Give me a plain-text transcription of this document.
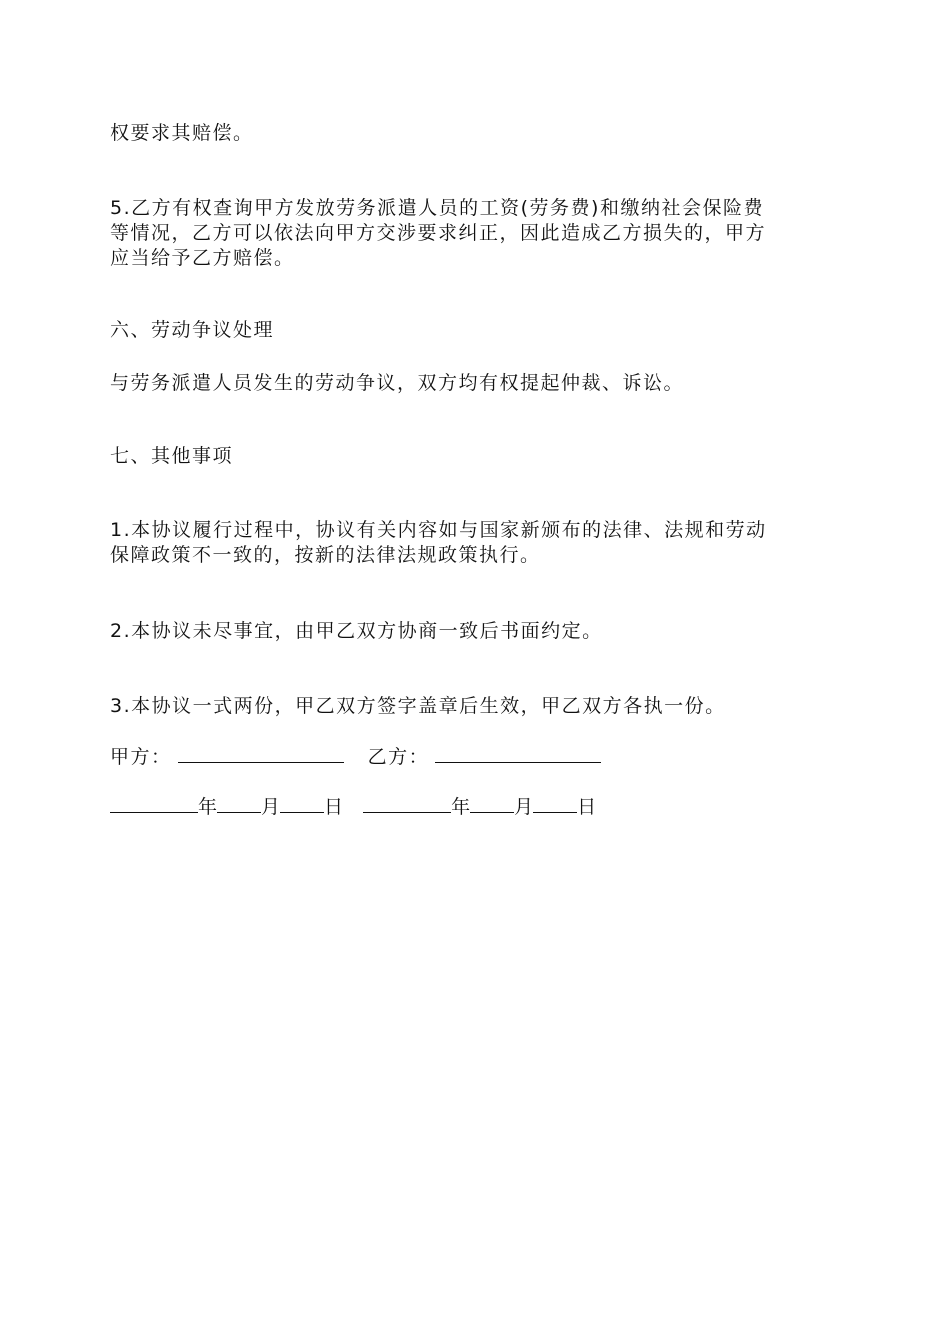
权要求其赔偿。
5.乙方有权查询甲方发放劳务派遣人员的工资(劳务费)和缴纳社会保险费
等情况，乙方可以依法向甲方交涉要求纠正，因此造成乙方损失的，甲方
应当给予乙方赔偿。
六、劳动争议处理
与劳务派遣人员发生的劳动争议，双方均有权提起仲裁、诉讼。
七、其他事项
1.本协议履行过程中，协议有关内容如与国家新颁布的法律、法规和劳动
保障政策不一致的，按新的法律法规政策执行。
2.本协议未尽事宜，由甲乙双方协商一致后书面约定。
3.本协议一式两份，甲乙双方签字盖章后生效，甲乙双方各执一份。
甲方：	乙方：
年 月 日	年 月 日
